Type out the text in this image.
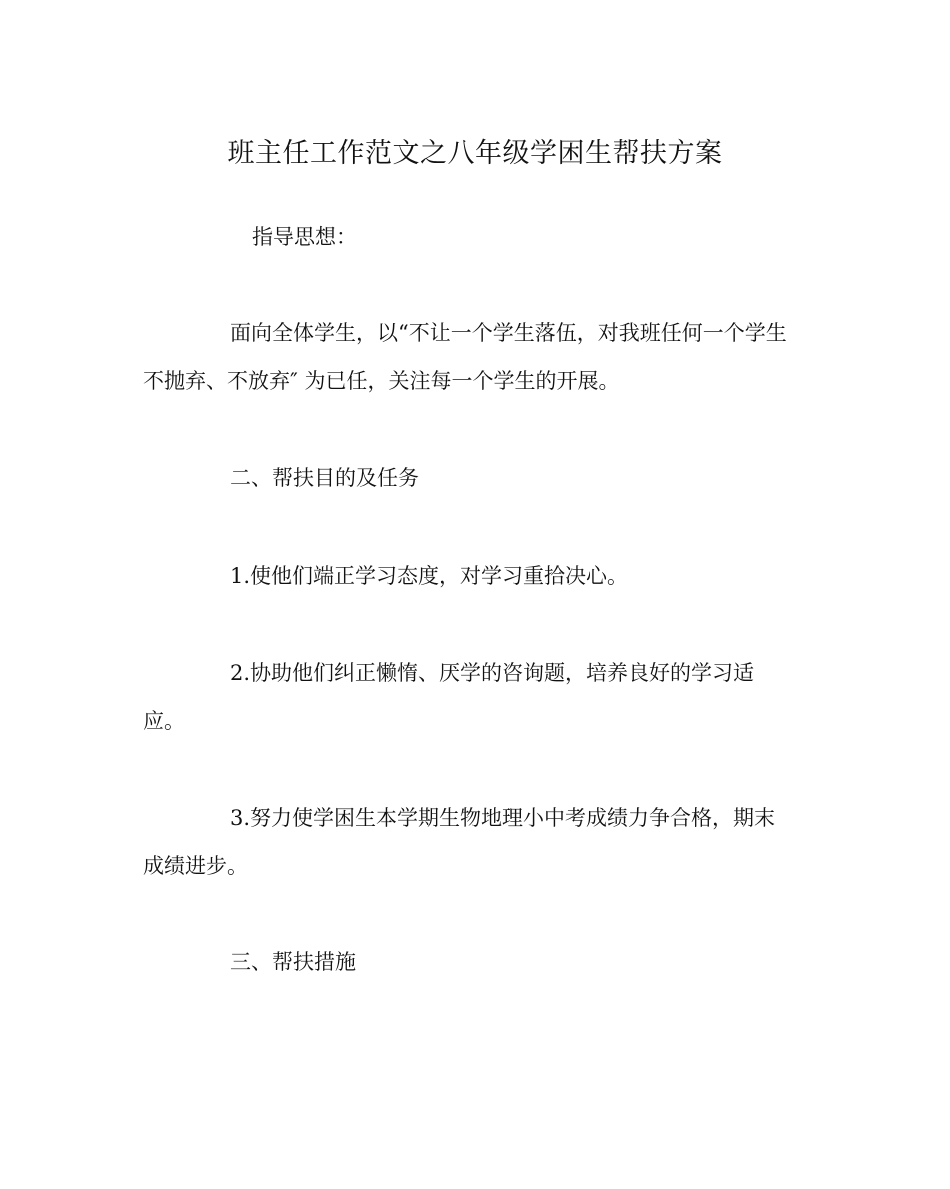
班主任工作范文之八年级学困生帮扶方案
指导思想：
面向全体学生，以“不让一个学生落伍，对我班任何一个学生
不抛弃、不放弃″ 为已任，关注每一个学生的开展。
二、帮扶目的及任务
1.使他们端正学习态度，对学习重拾决心。
2.协助他们纠正懒惰、厌学的咨询题，培养良好的学习适
应。
3.努力使学困生本学期生物地理小中考成绩力争合格，期末
成绩进步。
三、帮扶措施
